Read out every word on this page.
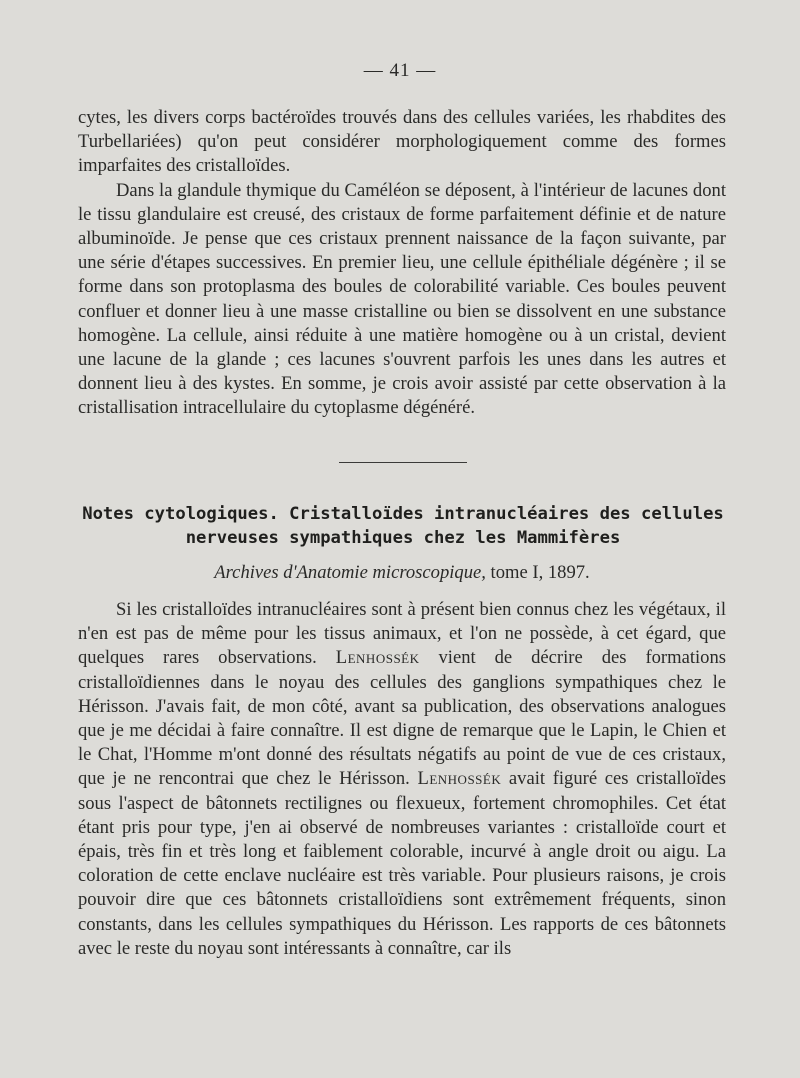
— 41 —

cytes, les divers corps bactéroïdes trouvés dans des cellules variées, les rhabdites des Turbellariées) qu'on peut considérer morphologiquement comme des formes imparfaites des cristalloïdes.

Dans la glandule thymique du Caméléon se déposent, à l'intérieur de lacunes dont le tissu glandulaire est creusé, des cristaux de forme parfaitement définie et de nature albuminoïde. Je pense que ces cristaux prennent naissance de la façon suivante, par une série d'étapes successives. En premier lieu, une cellule épithéliale dégénère ; il se forme dans son protoplasma des boules de colorabilité variable. Ces boules peuvent confluer et donner lieu à une masse cristalline ou bien se dissolvent en une substance homogène. La cellule, ainsi réduite à une matière homogène ou à un cristal, devient une lacune de la glande ; ces lacunes s'ouvrent parfois les unes dans les autres et donnent lieu à des kystes. En somme, je crois avoir assisté par cette observation à la cristallisation intracellulaire du cytoplasme dégénéré.

Notes cytologiques. Cristalloïdes intranucléaires des cellules nerveuses sympathiques chez les Mammifères
Archives d'Anatomie microscopique, tome I, 1897.

Si les cristalloïdes intranucléaires sont à présent bien connus chez les végétaux, il n'en est pas de même pour les tissus animaux, et l'on ne possède, à cet égard, que quelques rares observations. Lenhossék vient de décrire des formations cristalloïdiennes dans le noyau des cellules des ganglions sympathiques chez le Hérisson. J'avais fait, de mon côté, avant sa publication, des observations analogues que je me décidai à faire connaître. Il est digne de remarque que le Lapin, le Chien et le Chat, l'Homme m'ont donné des résultats négatifs au point de vue de ces cristaux, que je ne rencontrai que chez le Hérisson. Lenhossék avait figuré ces cristalloïdes sous l'aspect de bâtonnets rectilignes ou flexueux, fortement chromophiles. Cet état étant pris pour type, j'en ai observé de nombreuses variantes : cristalloïde court et épais, très fin et très long et faiblement colorable, incurvé à angle droit ou aigu. La coloration de cette enclave nucléaire est très variable. Pour plusieurs raisons, je crois pouvoir dire que ces bâtonnets cristalloïdiens sont extrêmement fréquents, sinon constants, dans les cellules sympathiques du Hérisson. Les rapports de ces bâtonnets avec le reste du noyau sont intéressants à connaître, car ils
